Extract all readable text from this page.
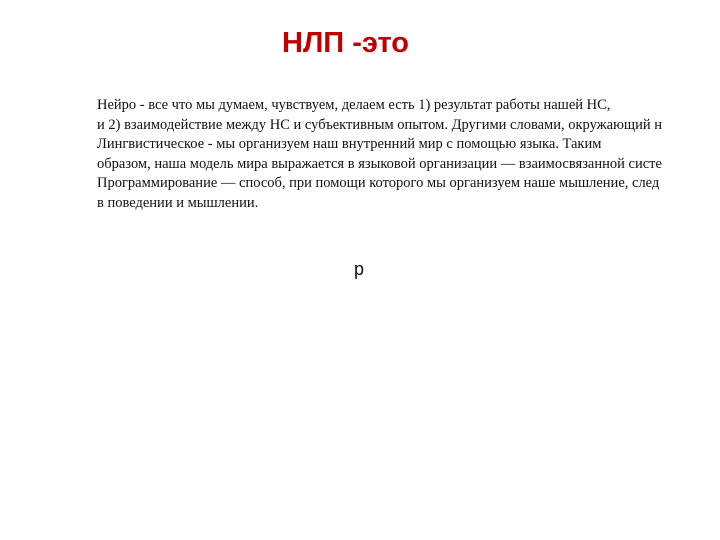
НЛП -это
Нейро - все что мы думаем, чувствуем, делаем есть 1) результат работы нашей НС,
и 2) взаимодействие между НС и субъективным опытом. Другими словами, окружающий н
Лингвистическое - мы организуем наш внутренний мир с помощью языка. Таким
образом, наша модель мира выражается в языковой организации — взаимосвязанной систе
Программирование — способ, при помощи которого мы организуем наше мышление, след
в поведении и мышлении.
р
